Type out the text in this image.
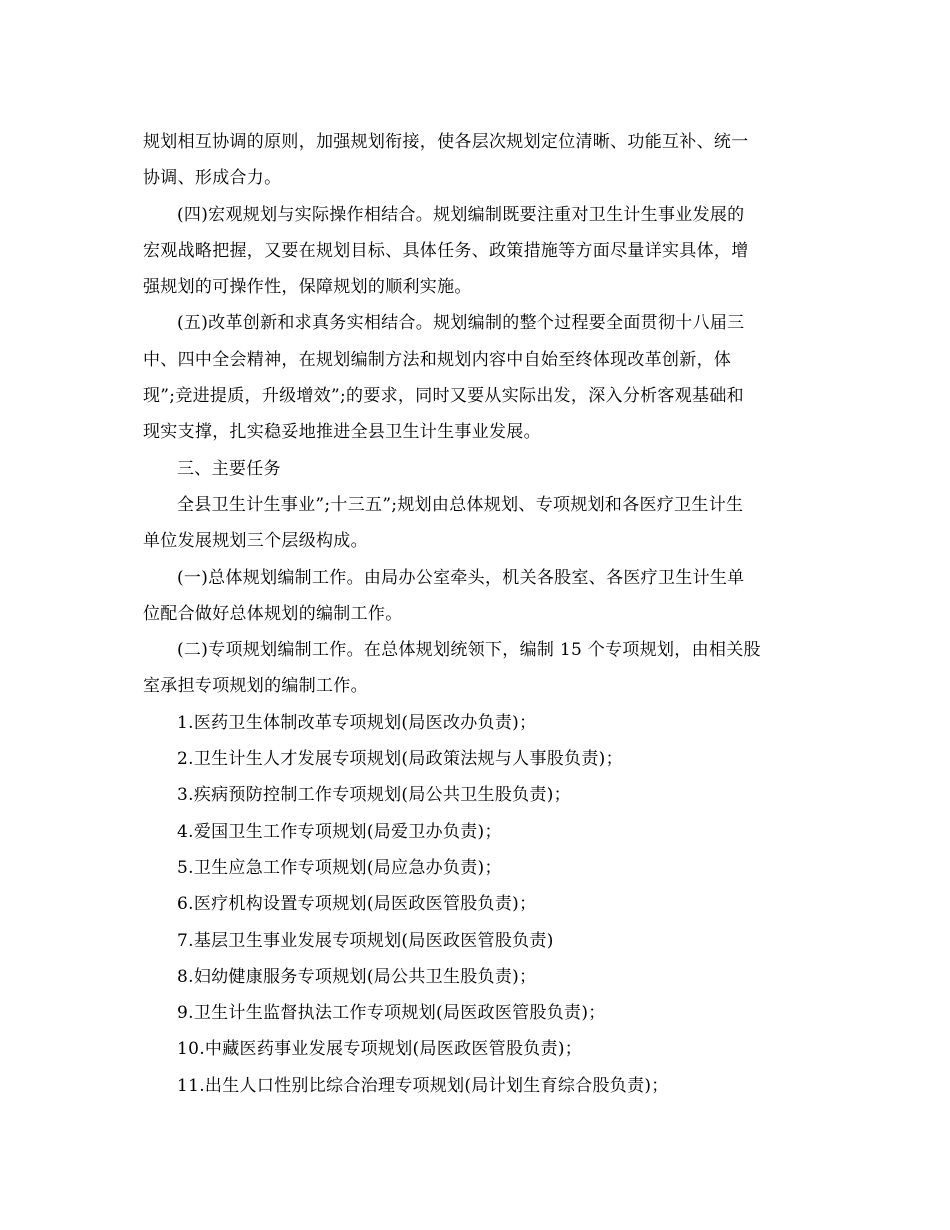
规划相互协调的原则，加强规划衔接，使各层次规划定位清晰、功能互补、统一
协调、形成合力。
(四)宏观规划与实际操作相结合。规划编制既要注重对卫生计生事业发展的
宏观战略把握，又要在规划目标、具体任务、政策措施等方面尽量详实具体，增
强规划的可操作性，保障规划的顺利实施。
(五)改革创新和求真务实相结合。规划编制的整个过程要全面贯彻十八届三
中、四中全会精神，在规划编制方法和规划内容中自始至终体现改革创新，体
现”;竞进提质，升级增效”;的要求，同时又要从实际出发，深入分析客观基础和
现实支撑，扎实稳妥地推进全县卫生计生事业发展。
三、主要任务
全县卫生计生事业”;十三五”;规划由总体规划、专项规划和各医疗卫生计生
单位发展规划三个层级构成。
(一)总体规划编制工作。由局办公室牵头，机关各股室、各医疗卫生计生单
位配合做好总体规划的编制工作。
(二)专项规划编制工作。在总体规划统领下，编制 15 个专项规划，由相关股
室承担专项规划的编制工作。
1.医药卫生体制改革专项规划(局医改办负责)；
2.卫生计生人才发展专项规划(局政策法规与人事股负责)；
3.疾病预防控制工作专项规划(局公共卫生股负责)；
4.爱国卫生工作专项规划(局爱卫办负责)；
5.卫生应急工作专项规划(局应急办负责)；
6.医疗机构设置专项规划(局医政医管股负责)；
7.基层卫生事业发展专项规划(局医政医管股负责)
8.妇幼健康服务专项规划(局公共卫生股负责)；
9.卫生计生监督执法工作专项规划(局医政医管股负责)；
10.中藏医药事业发展专项规划(局医政医管股负责)；
11.出生人口性别比综合治理专项规划(局计划生育综合股负责)；
